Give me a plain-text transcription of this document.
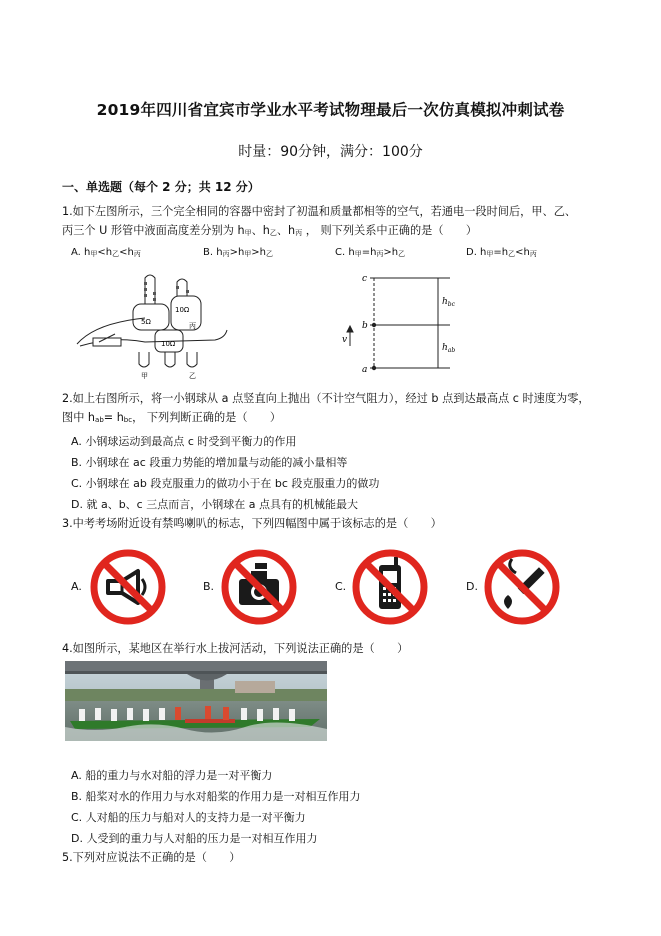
2019年四川省宜宾市学业水平考试物理最后一次仿真模拟冲刺试卷
时量：90分钟，满分：100分
一、单选题（每个 2 分；共 12 分）
1.如下左图所示，三个完全相同的容器中密封了初温和质量都相等的空气，若通电一段时间后，甲、乙、
丙三个 U 形管中液面高度差分别为 $h_甲$、$h_乙$、$h_丙$ ， 则下列关系中正确的是（　　）
A. $h_甲<h_乙<h_丙$	B. $h_丙>h_甲>h_乙$	C. $h_甲=h_丙>h_乙$	D. $h_甲=h_乙<h_丙$
10Ω
5Ω
10Ω
丙
甲	乙
c
b
a
v
$h_{bc}$
$h_{ab}$
2.如上右图所示，将一小钢球从 a 点竖直向上抛出（不计空气阻力），经过 b 点到达最高点 c 时速度为零，
图中 $h_{ab}= h_{bc}$， 下列判断正确的是（　　）
A. 小钢球运动到最高点 c 时受到平衡力的作用
B. 小钢球在 ac 段重力势能的增加量与动能的减小量相等
C. 小钢球在 ab 段克服重力的做功小于在 bc 段克服重力的做功
D. 就 a、b、c 三点而言，小钢球在 a 点具有的机械能最大
3.中考考场附近设有禁鸣喇叭的标志，下列四幅图中属于该标志的是（　　）
A.	B.	C.	D.
4.如图所示，某地区在举行水上拔河活动，下列说法正确的是（　　）
A. 船的重力与水对船的浮力是一对平衡力
B. 船桨对水的作用力与水对船桨的作用力是一对相互作用力
C. 人对船的压力与船对人的支持力是一对平衡力
D. 人受到的重力与人对船的压力是一对相互作用力
5.下列对应说法不正确的是（　　）
